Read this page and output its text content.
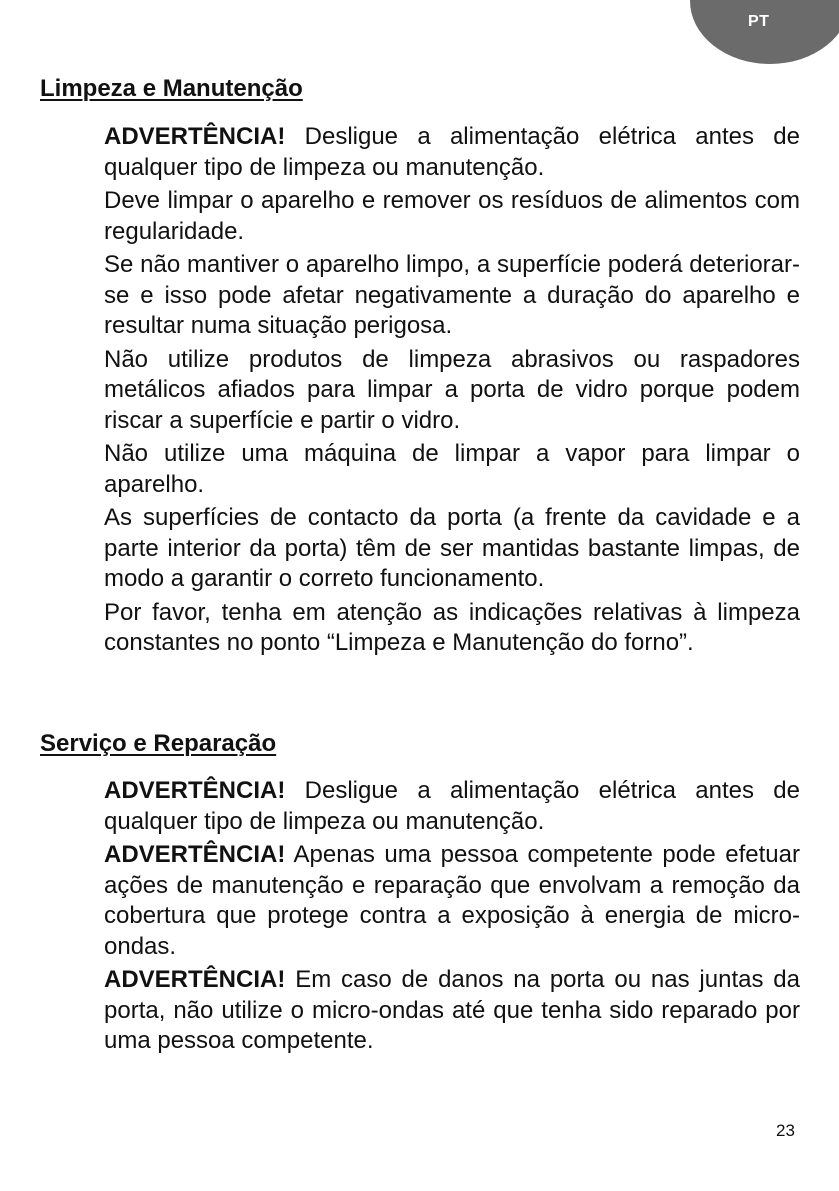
PT
Limpeza e Manutenção

ADVERTÊNCIA! Desligue a alimentação elétrica antes de qualquer tipo de limpeza ou manutenção.

Deve limpar o aparelho e remover os resíduos de alimentos com regularidade.

Se não mantiver o aparelho limpo, a superfície poderá deteriorar-se e isso pode afetar negativamente a duração do aparelho e resultar numa situação perigosa.

Não utilize produtos de limpeza abrasivos ou raspadores metálicos afiados para limpar a porta de vidro porque podem riscar a superfície e partir o vidro.

Não utilize uma máquina de limpar a vapor para limpar o aparelho.

As superfícies de contacto da porta (a frente da cavidade e a parte interior da porta) têm de ser mantidas bastante limpas, de modo a garantir o correto funcionamento.

Por favor, tenha em atenção as indicações relativas à limpeza constantes no ponto “Limpeza e Manutenção do forno”.

Serviço e Reparação

ADVERTÊNCIA! Desligue a alimentação elétrica antes de qualquer tipo de limpeza ou manutenção.

ADVERTÊNCIA! Apenas uma pessoa competente pode efetuar ações de manutenção e reparação que envolvam a remoção da cobertura que protege contra a exposição à energia de micro-ondas.

ADVERTÊNCIA! Em caso de danos na porta ou nas juntas da porta, não utilize o micro-ondas até que tenha sido reparado por uma pessoa competente.

23
